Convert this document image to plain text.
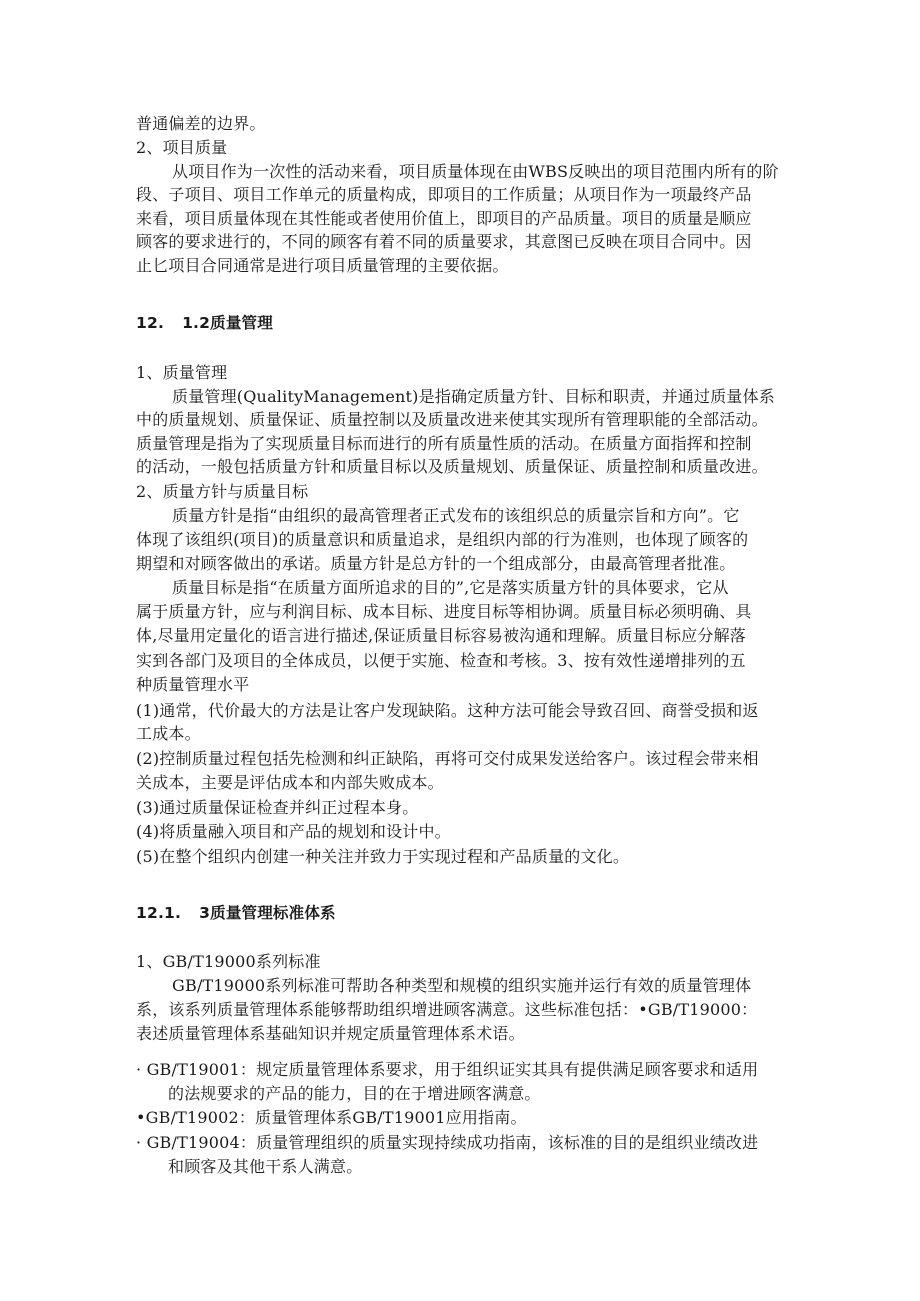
普通偏差的边界。

2、项目质量

从项目作为一次性的活动来看，项目质量体现在由WBS反映出的项目范围内所有的阶

段、子项目、项目工作单元的质量构成，即项目的工作质量；从项目作为一项最终产品

来看，项目质量体现在其性能或者使用价值上，即项目的产品质量。项目的质量是顺应

顾客的要求进行的，不同的顾客有着不同的质量要求，其意图已反映在项目合同中。因

止匕项目合同通常是进行项目质量管理的主要依据。

12. 1.2质量管理

1、质量管理

质量管理(QualityManagement)是指确定质量方针、目标和职责，并通过质量体系

中的质量规划、质量保证、质量控制以及质量改进来使其实现所有管理职能的全部活动。

质量管理是指为了实现质量目标而进行的所有质量性质的活动。在质量方面指挥和控制

的活动，一般包括质量方针和质量目标以及质量规划、质量保证、质量控制和质量改进。

2、质量方针与质量目标

质量方针是指“由组织的最高管理者正式发布的该组织总的质量宗旨和方向”。它

体现了该组织(项目)的质量意识和质量追求，是组织内部的行为准则，也体现了顾客的

期望和对顾客做出的承诺。质量方针是总方针的一个组成部分，由最高管理者批准。

质量目标是指“在质量方面所追求的目的”,它是落实质量方针的具体要求，它从

属于质量方针，应与利润目标、成本目标、进度目标等相协调。质量目标必须明确、具

体,尽量用定量化的语言进行描述,保证质量目标容易被沟通和理解。质量目标应分解落

实到各部门及项目的全体成员，以便于实施、检查和考核。3、按有效性递增排列的五

种质量管理水平

(1)通常，代价最大的方法是让客户发现缺陷。这种方法可能会导致召回、商誉受损和返

工成本。

(2)控制质量过程包括先检测和纠正缺陷，再将可交付成果发送给客户。该过程会带来相

关成本，主要是评估成本和内部失败成本。

(3)通过质量保证检查并纠正过程本身。

(4)将质量融入项目和产品的规划和设计中。

(5)在整个组织内创建一种关注并致力于实现过程和产品质量的文化。

12.1. 3质量管理标准体系

1、GB/T19000系列标准

GB/T19000系列标准可帮助各种类型和规模的组织实施并运行有效的质量管理体

系，该系列质量管理体系能够帮助组织增进顾客满意。这些标准包括：•GB/T19000：

表述质量管理体系基础知识并规定质量管理体系术语。

· GB/T19001：规定质量管理体系要求，用于组织证实其具有提供满足顾客要求和适用

的法规要求的产品的能力，目的在于增进顾客满意。

•GB/T19002：质量管理体系GB/T19001应用指南。

· GB/T19004：质量管理组织的质量实现持续成功指南，该标准的目的是组织业绩改进

和顾客及其他干系人满意。
